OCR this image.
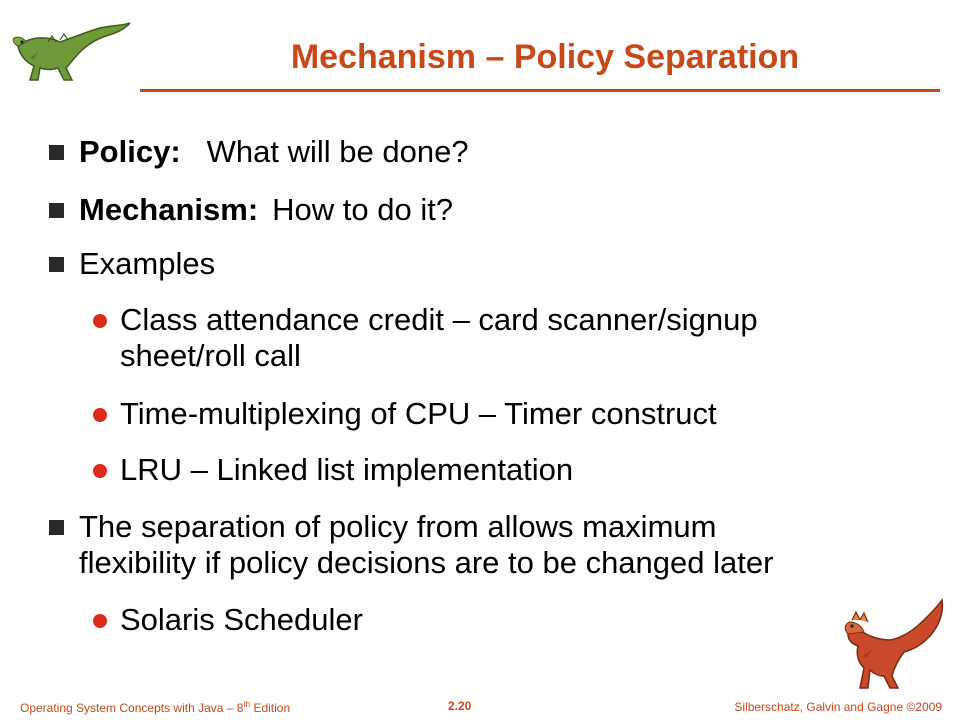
Mechanism – Policy Separation
Policy: What will be done?
Mechanism: How to do it?
Examples
Class attendance credit – card scanner/signup
sheet/roll call
Time-multiplexing of CPU – Timer construct
LRU – Linked list implementation
The separation of policy from allows maximum
flexibility if policy decisions are to be changed later
Solaris Scheduler
Operating System Concepts with Java – 8th Edition	2.20	Silberschatz, Galvin and Gagne ©2009
